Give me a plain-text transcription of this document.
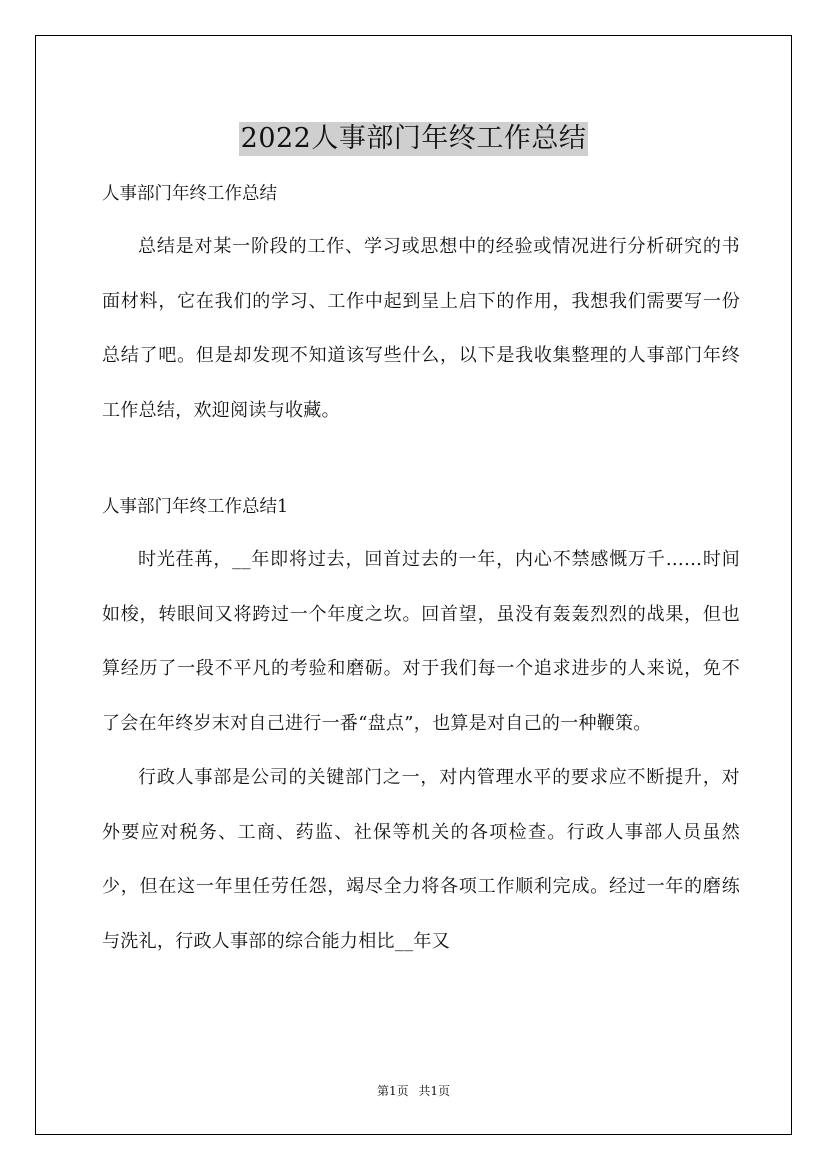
2022人事部门年终工作总结

人事部门年终工作总结

总结是对某一阶段的工作、学习或思想中的经验或情况进行分析研究的书面材料，它在我们的学习、工作中起到呈上启下的作用，我想我们需要写一份总结了吧。但是却发现不知道该写些什么，以下是我收集整理的人事部门年终工作总结，欢迎阅读与收藏。

人事部门年终工作总结1

时光荏苒，__年即将过去，回首过去的一年，内心不禁感慨万千……时间如梭，转眼间又将跨过一个年度之坎。回首望，虽没有轰轰烈烈的战果，但也算经历了一段不平凡的考验和磨砺。对于我们每一个追求进步的人来说，免不了会在年终岁末对自己进行一番“盘点”，也算是对自己的一种鞭策。

行政人事部是公司的关键部门之一，对内管理水平的要求应不断提升，对外要应对税务、工商、药监、社保等机关的各项检查。行政人事部人员虽然少，但在这一年里任劳任怨，竭尽全力将各项工作顺利完成。经过一年的磨练与洗礼，行政人事部的综合能力相比__年又

第1页 共1页
